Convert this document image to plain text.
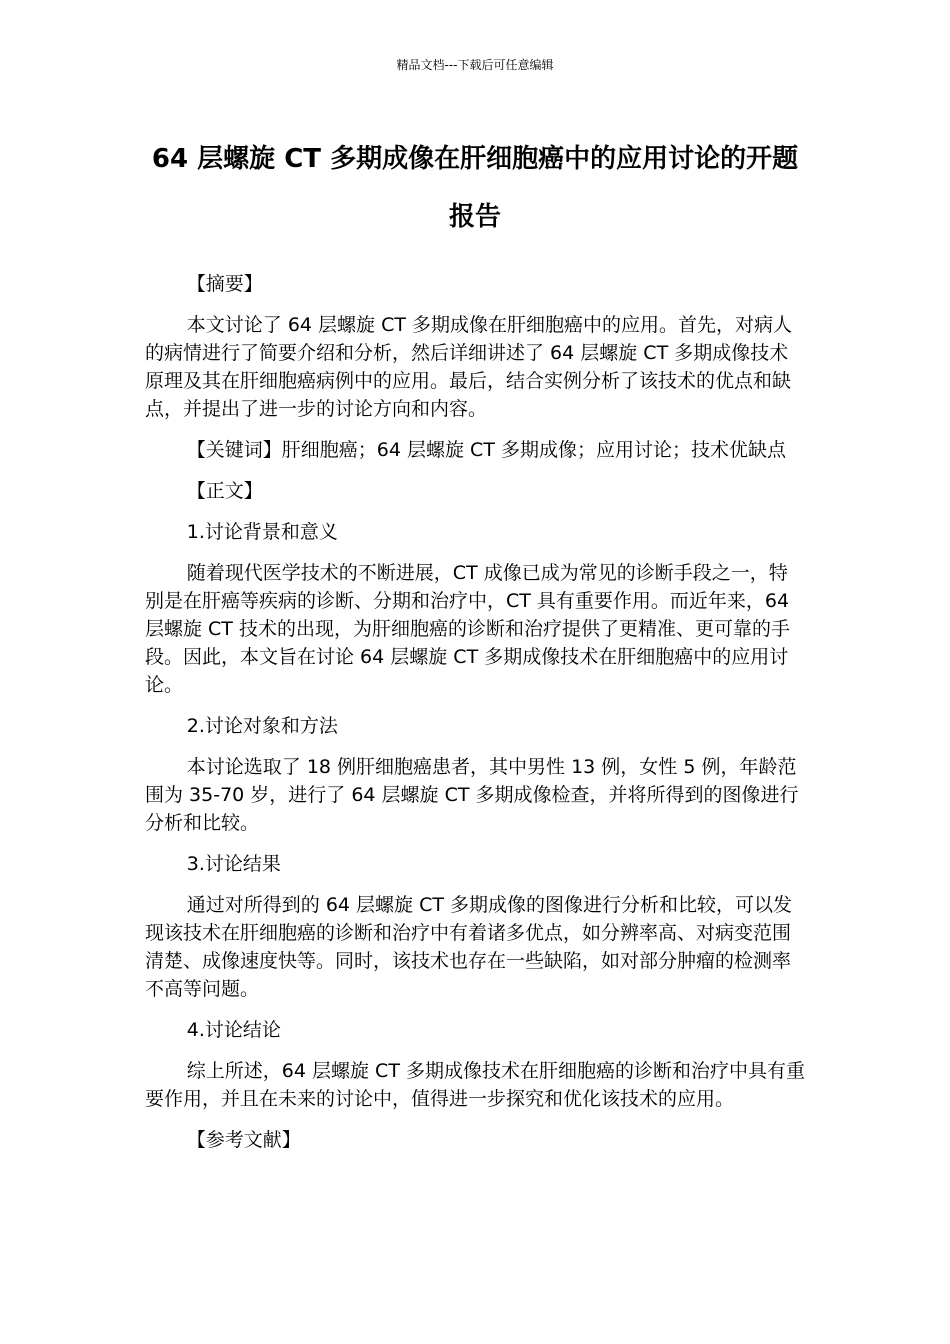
精品文档---下载后可任意编辑
64 层螺旋 CT 多期成像在肝细胞癌中的应用讨论的开题报告

【摘要】

本文讨论了 64 层螺旋 CT 多期成像在肝细胞癌中的应用。首先，对病人的病情进行了简要介绍和分析，然后详细讲述了 64 层螺旋 CT 多期成像技术原理及其在肝细胞癌病例中的应用。最后，结合实例分析了该技术的优点和缺点，并提出了进一步的讨论方向和内容。

【关键词】肝细胞癌；64 层螺旋 CT 多期成像；应用讨论；技术优缺点

【正文】

1.讨论背景和意义

随着现代医学技术的不断进展，CT 成像已成为常见的诊断手段之一，特别是在肝癌等疾病的诊断、分期和治疗中，CT 具有重要作用。而近年来，64 层螺旋 CT 技术的出现，为肝细胞癌的诊断和治疗提供了更精准、更可靠的手段。因此，本文旨在讨论 64 层螺旋 CT 多期成像技术在肝细胞癌中的应用讨论。

2.讨论对象和方法

本讨论选取了 18 例肝细胞癌患者，其中男性 13 例，女性 5 例，年龄范围为 35-70 岁，进行了 64 层螺旋 CT 多期成像检查，并将所得到的图像进行分析和比较。

3.讨论结果

通过对所得到的 64 层螺旋 CT 多期成像的图像进行分析和比较，可以发现该技术在肝细胞癌的诊断和治疗中有着诸多优点，如分辨率高、对病变范围清楚、成像速度快等。同时，该技术也存在一些缺陷，如对部分肿瘤的检测率不高等问题。

4.讨论结论

综上所述，64 层螺旋 CT 多期成像技术在肝细胞癌的诊断和治疗中具有重要作用，并且在未来的讨论中，值得进一步探究和优化该技术的应用。

【参考文献】
